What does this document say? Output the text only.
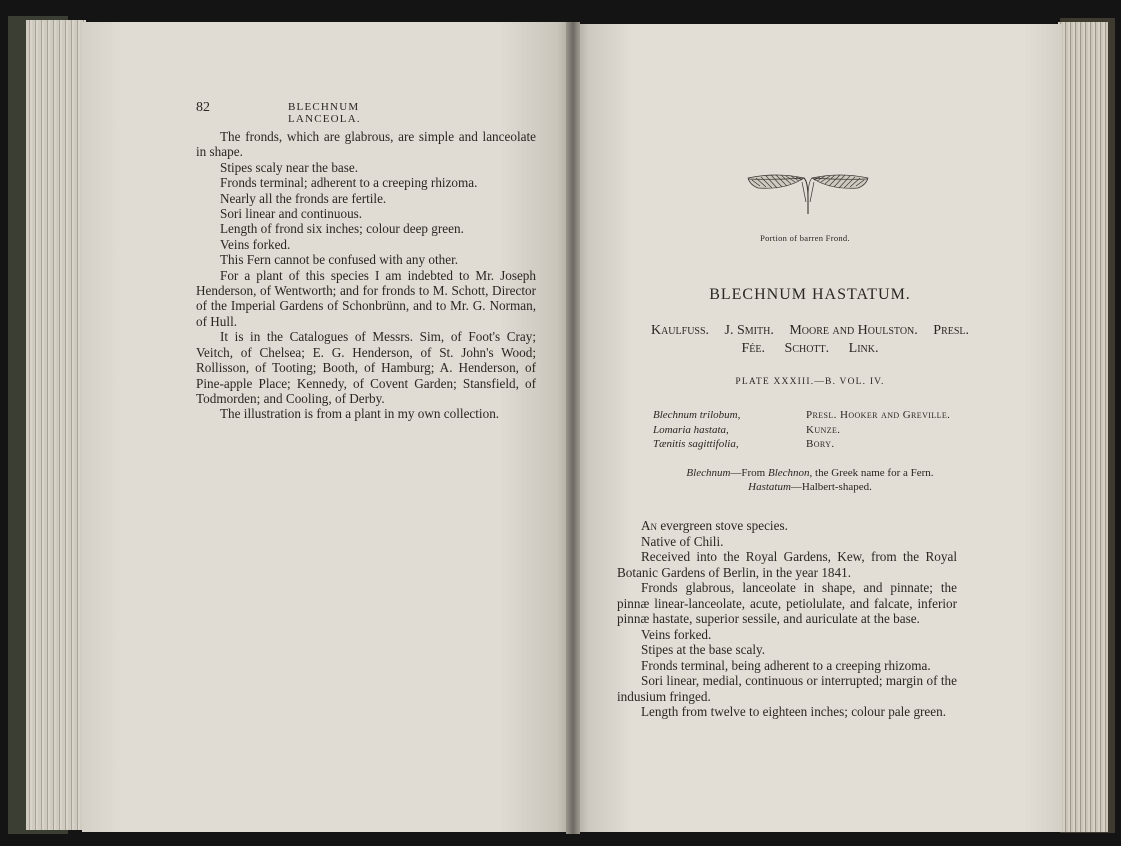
82	BLECHNUM LANCEOLA.

The fronds, which are glabrous, are simple and lanceolate in shape.

Stipes scaly near the base.

Fronds terminal; adherent to a creeping rhizoma.

Nearly all the fronds are fertile.

Sori linear and continuous.

Length of frond six inches; colour deep green.

Veins forked.

This Fern cannot be confused with any other.

For a plant of this species I am indebted to Mr. Joseph Henderson, of Wentworth; and for fronds to M. Schott, Director of the Imperial Gardens of Schonbrünn, and to Mr. G. Norman, of Hull.

It is in the Catalogues of Messrs. Sim, of Foot's Cray; Veitch, of Chelsea; E. G. Henderson, of St. John's Wood; Rollisson, of Tooting; Booth, of Hamburg; A. Henderson, of Pine-apple Place; Kennedy, of Covent Garden; Stansfield, of Todmorden; and Cooling, of Derby.

The illustration is from a plant in my own collection.

Portion of barren Frond.
BLECHNUM HASTATUM.
Kaulfuss. J. Smith. Moore and Houlston. Presl.
Fée. Schott. Link.
PLATE XXXIII.—B. VOL. IV.
Blechnum trilobum,
Lomaria hastata,
Tænitis sagittifolia,
Presl. Hooker and Greville.
Kunze.
Bory.
Blechnum—From Blechnon, the Greek name for a Fern.
Hastatum—Halbert-shaped.

An evergreen stove species.

Native of Chili.

Received into the Royal Gardens, Kew, from the Royal Botanic Gardens of Berlin, in the year 1841.

Fronds glabrous, lanceolate in shape, and pinnate; the pinnæ linear-lanceolate, acute, petiolulate, and falcate, inferior pinnæ hastate, superior sessile, and auriculate at the base.

Veins forked.

Stipes at the base scaly.

Fronds terminal, being adherent to a creeping rhizoma.

Sori linear, medial, continuous or interrupted; margin of the indusium fringed.

Length from twelve to eighteen inches; colour pale green.
